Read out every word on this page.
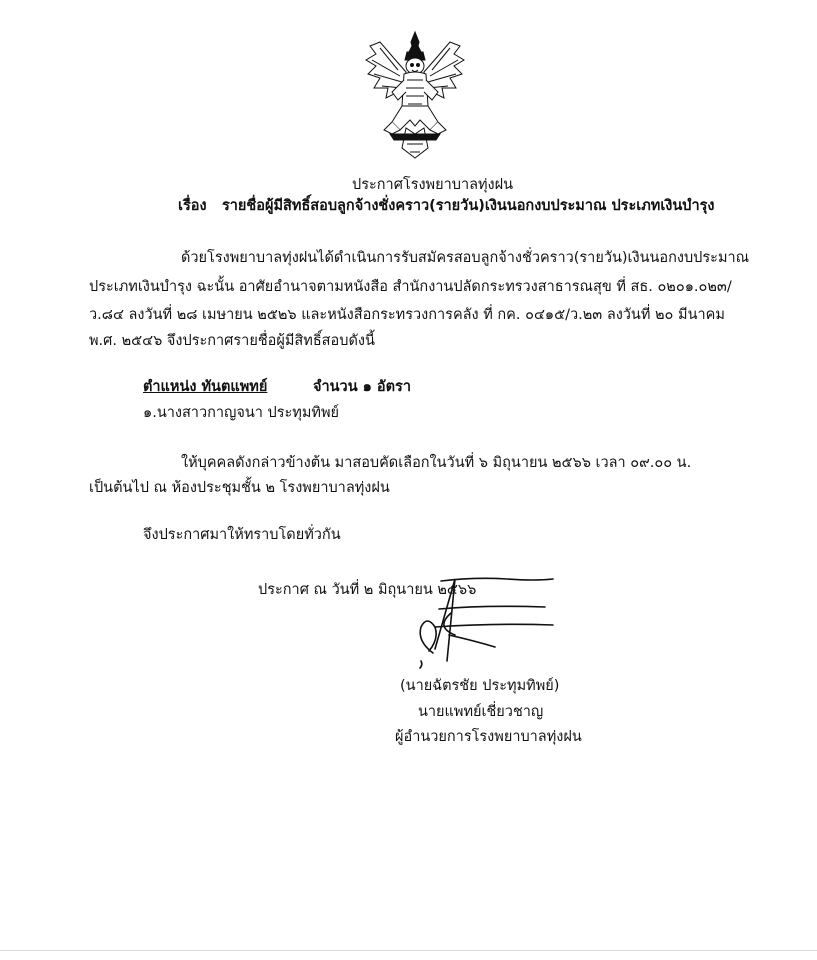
ประกาศโรงพยาบาลทุ่งฝน
เรื่อง รายชื่อผู้มีสิทธิ์สอบลูกจ้างชั่งคราว(รายวัน)เงินนอกงบประมาณ ประเภทเงินบำรุง
ด้วยโรงพยาบาลทุ่งฝนได้ดำเนินการรับสมัครสอบลูกจ้างชั่วคราว(รายวัน)เงินนอกงบประมาณ
ประเภทเงินบำรุง ฉะนั้น อาศัยอำนาจตามหนังสือ สำนักงานปลัดกระทรวงสาธารณสุข ที่ สธ. ๐๒๐๑.๐๒๓/
ว.๘๔ ลงวันที่ ๒๘ เมษายน ๒๕๒๖ และหนังสือกระทรวงการคลัง ที่ กค. ๐๔๑๕/ว.๒๓ ลงวันที่ ๒๐ มีนาคม
พ.ศ. ๒๕๔๖ จึงประกาศรายชื่อผู้มีสิทธิ์สอบดังนี้
ตำแหน่ง ทันตแพทย์	จำนวน ๑ อัตรา
๑.นางสาวกาญจนา ประทุมทิพย์
ให้บุคคลดังกล่าวข้างต้น มาสอบคัดเลือกในวันที่ ๖ มิถุนายน ๒๕๖๖ เวลา ๐๙.๐๐ น.
เป็นต้นไป ณ ห้องประชุมชั้น ๒ โรงพยาบาลทุ่งฝน
จึงประกาศมาให้ทราบโดยทั่วกัน
ประกาศ ณ วันที่ ๒ มิถุนายน ๒๕๖๖
(นายฉัตรชัย ประทุมทิพย์)
นายแพทย์เชี่ยวชาญ
ผู้อำนวยการโรงพยาบาลทุ่งฝน
